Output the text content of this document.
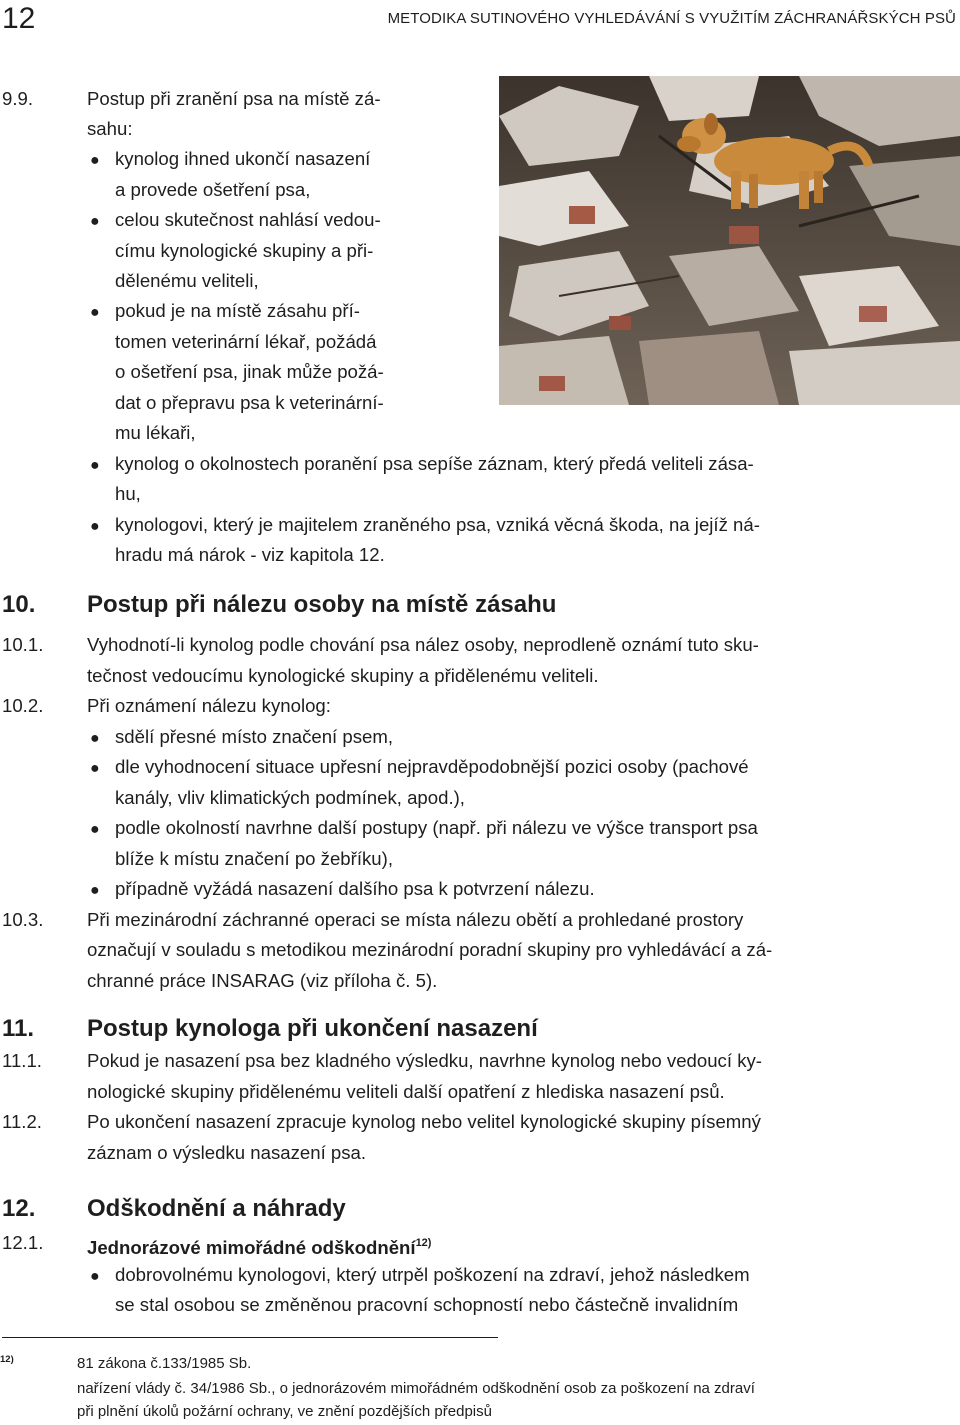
12	METODIKA SUTINOVÉHO VYHLEDÁVÁNÍ S VYUŽITÍM ZÁCHRANÁŘSKÝCH PSŮ
9.9.	Postup při zranění psa na místě zá-
sahu:
● kynolog ihned ukončí nasazení
a provede ošetření psa,
● celou skutečnost nahlásí vedou-
címu kynologické skupiny a při-
dělenému veliteli,
● pokud je na místě zásahu pří-
tomen veterinární lékař, požádá
o ošetření psa, jinak může požá-
dat o přepravu psa k veterinární-
mu lékaři,
● kynolog o okolnostech poranění psa sepíše záznam, který předá veliteli zása-
hu,
● kynologovi, který je majitelem zraněného psa, vzniká věcná škoda, na jejíž ná-
hradu má nárok - viz kapitola 12.
10. Postup při nálezu osoby na místě zásahu
10.1. Vyhodnotí-li kynolog podle chování psa nález osoby, neprodleně oznámí tuto sku-
tečnost vedoucímu kynologické skupiny a přidělenému veliteli.
10.2. Při oznámení nálezu kynolog:
● sdělí přesné místo značení psem,
● dle vyhodnocení situace upřesní nejpravděpodobnější pozici osoby (pachové
kanály, vliv klimatických podmínek, apod.),
● podle okolností navrhne další postupy (např. při nálezu ve výšce transport psa
blíže k místu značení po žebříku),
● případně vyžádá nasazení dalšího psa k potvrzení nálezu.
10.3. Při mezinárodní záchranné operaci se místa nálezu obětí a prohledané prostory
označují v souladu s metodikou mezinárodní poradní skupiny pro vyhledávácí a zá-
chranné práce INSARAG (viz příloha č. 5).
11. Postup kynologa při ukončení nasazení
11.1. Pokud je nasazení psa bez kladného výsledku, navrhne kynolog nebo vedoucí ky-
nologické skupiny přidělenému veliteli další opatření z hlediska nasazení psů.
11.2. Po ukončení nasazení zpracuje kynolog nebo velitel kynologické skupiny písemný
záznam o výsledku nasazení psa.
12. Odškodnění a náhrady
12.1. Jednorázové mimořádné odškodnění$^{12)}$
● dobrovolnému kynologovi, který utrpěl poškození na zdraví, jehož následkem
se stal osobou se změněnou pracovní schopností nebo částečně invalidním
12)	81 zákona č.133/1985 Sb.
nařízení vlády č. 34/1986 Sb., o jednorázovém mimořádném odškodnění osob za poškození na zdraví
při plnění úkolů požární ochrany, ve znění pozdějších předpisů
